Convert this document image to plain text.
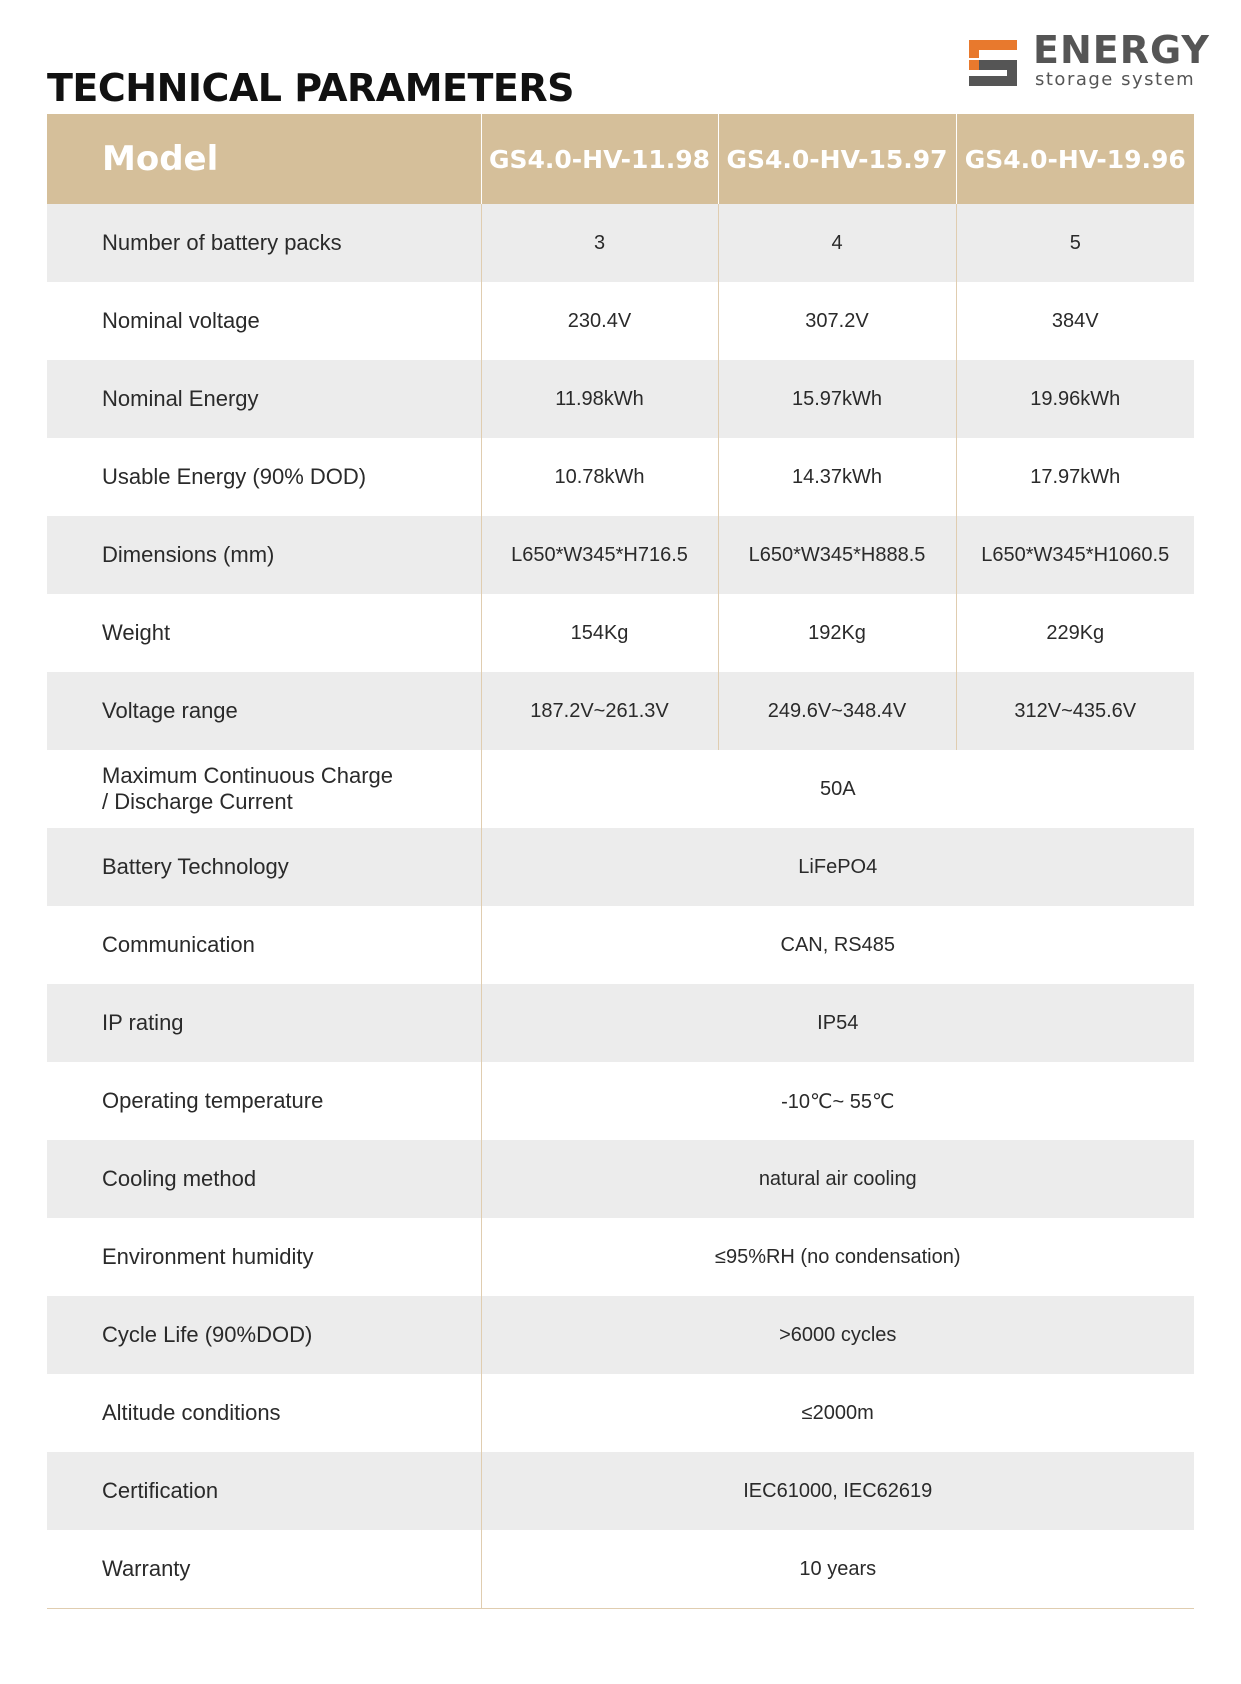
TECHNICAL PARAMETERS
ENERGY
storage system
Model	GS4.0-HV-11.98	GS4.0-HV-15.97	GS4.0-HV-19.96
Number of battery packs	3	4	5
Nominal voltage	230.4V	307.2V	384V
Nominal Energy	11.98kWh	15.97kWh	19.96kWh
Usable Energy (90% DOD)	10.78kWh	14.37kWh	17.97kWh
Dimensions (mm)	L650*W345*H716.5	L650*W345*H888.5	L650*W345*H1060.5
Weight	154Kg	192Kg	229Kg
Voltage range	187.2V~261.3V	249.6V~348.4V	312V~435.6V
Maximum Continuous Charge
/ Discharge Current	50A		
Battery Technology	LiFePO4		
Communication	CAN, RS485		
IP rating	IP54		
Operating temperature	-10℃~ 55℃		
Cooling method	natural air cooling		
Environment humidity	≤95%RH (no condensation)		
Cycle Life (90%DOD)	>6000 cycles		
Altitude conditions	≤2000m		
Certification	IEC61000, IEC62619		
Warranty	10 years		
